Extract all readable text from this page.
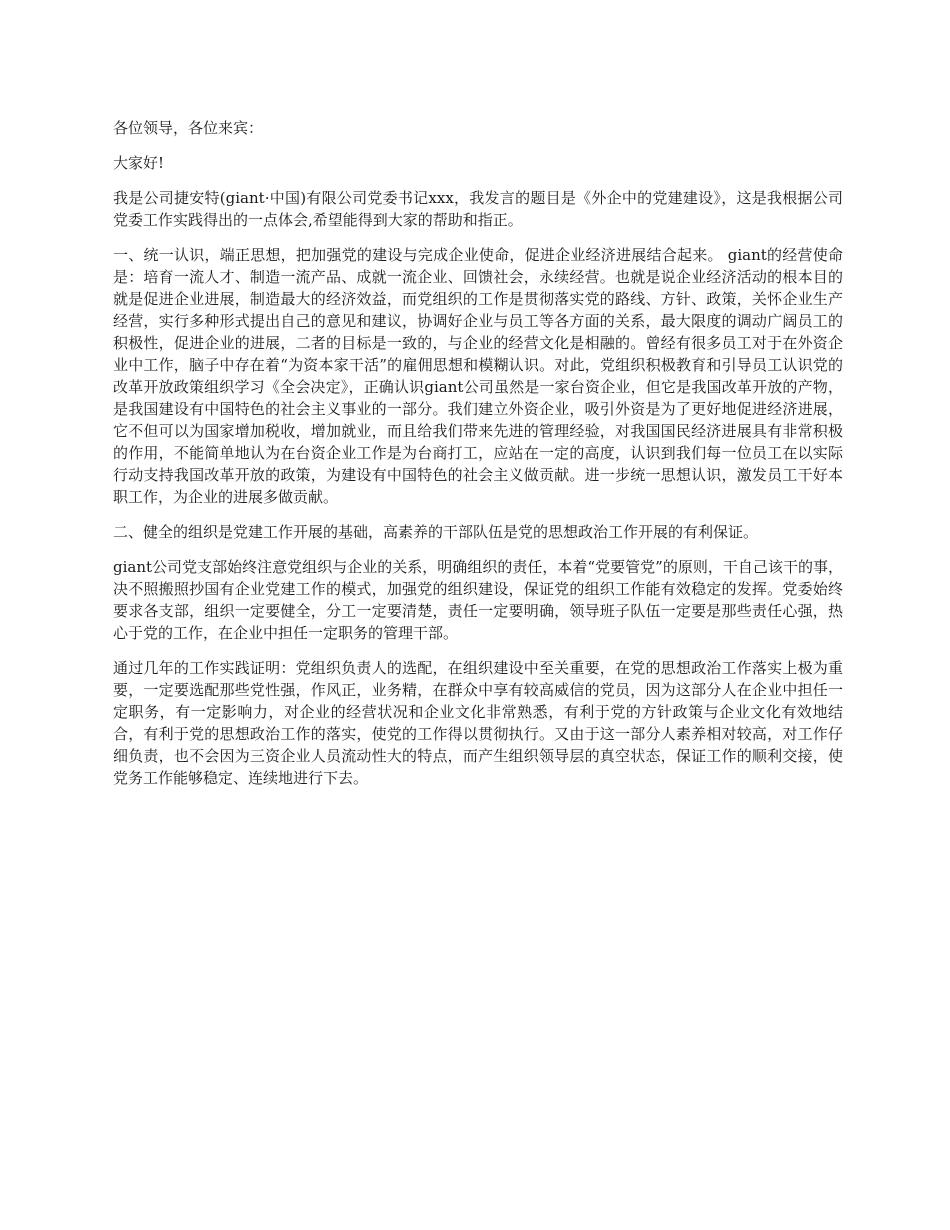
各位领导，各位来宾：

大家好!

我是公司捷安特(giant·中国)有限公司党委书记xxx，我发言的题目是《外企中的党建建设》，这是我根据公司党委工作实践得出的一点体会,希望能得到大家的帮助和指正。

一、统一认识，端正思想，把加强党的建设与完成企业使命，促进企业经济进展结合起来。 giant的经营使命是：培育一流人才、制造一流产品、成就一流企业、回馈社会，永续经营。也就是说企业经济活动的根本目的就是促进企业进展，制造最大的经济效益，而党组织的工作是贯彻落实党的路线、方针、政策，关怀企业生产经营，实行多种形式提出自己的意见和建议，协调好企业与员工等各方面的关系，最大限度的调动广阔员工的积极性，促进企业的进展，二者的目标是一致的，与企业的经营文化是相融的。曾经有很多员工对于在外资企业中工作，脑子中存在着“为资本家干活”的雇佣思想和模糊认识。对此，党组织积极教育和引导员工认识党的改革开放政策组织学习《全会决定》，正确认识giant公司虽然是一家台资企业，但它是我国改革开放的产物，是我国建设有中国特色的社会主义事业的一部分。我们建立外资企业，吸引外资是为了更好地促进经济进展，它不但可以为国家增加税收，增加就业，而且给我们带来先进的管理经验，对我国国民经济进展具有非常积极的作用，不能简单地认为在台资企业工作是为台商打工，应站在一定的高度，认识到我们每一位员工在以实际行动支持我国改革开放的政策，为建设有中国特色的社会主义做贡献。进一步统一思想认识，激发员工干好本职工作，为企业的进展多做贡献。

二、健全的组织是党建工作开展的基础，高素养的干部队伍是党的思想政治工作开展的有利保证。

giant公司党支部始终注意党组织与企业的关系，明确组织的责任，本着“党要管党”的原则，干自己该干的事，决不照搬照抄国有企业党建工作的模式，加强党的组织建设，保证党的组织工作能有效稳定的发挥。党委始终要求各支部，组织一定要健全，分工一定要清楚，责任一定要明确，领导班子队伍一定要是那些责任心强，热心于党的工作，在企业中担任一定职务的管理干部。

通过几年的工作实践证明：党组织负责人的选配，在组织建设中至关重要，在党的思想政治工作落实上极为重要，一定要选配那些党性强，作风正，业务精，在群众中享有较高威信的党员，因为这部分人在企业中担任一定职务，有一定影响力，对企业的经营状况和企业文化非常熟悉，有利于党的方针政策与企业文化有效地结合，有利于党的思想政治工作的落实，使党的工作得以贯彻执行。又由于这一部分人素养相对较高，对工作仔细负责，也不会因为三资企业人员流动性大的特点，而产生组织领导层的真空状态，保证工作的顺利交接，使党务工作能够稳定、连续地进行下去。
